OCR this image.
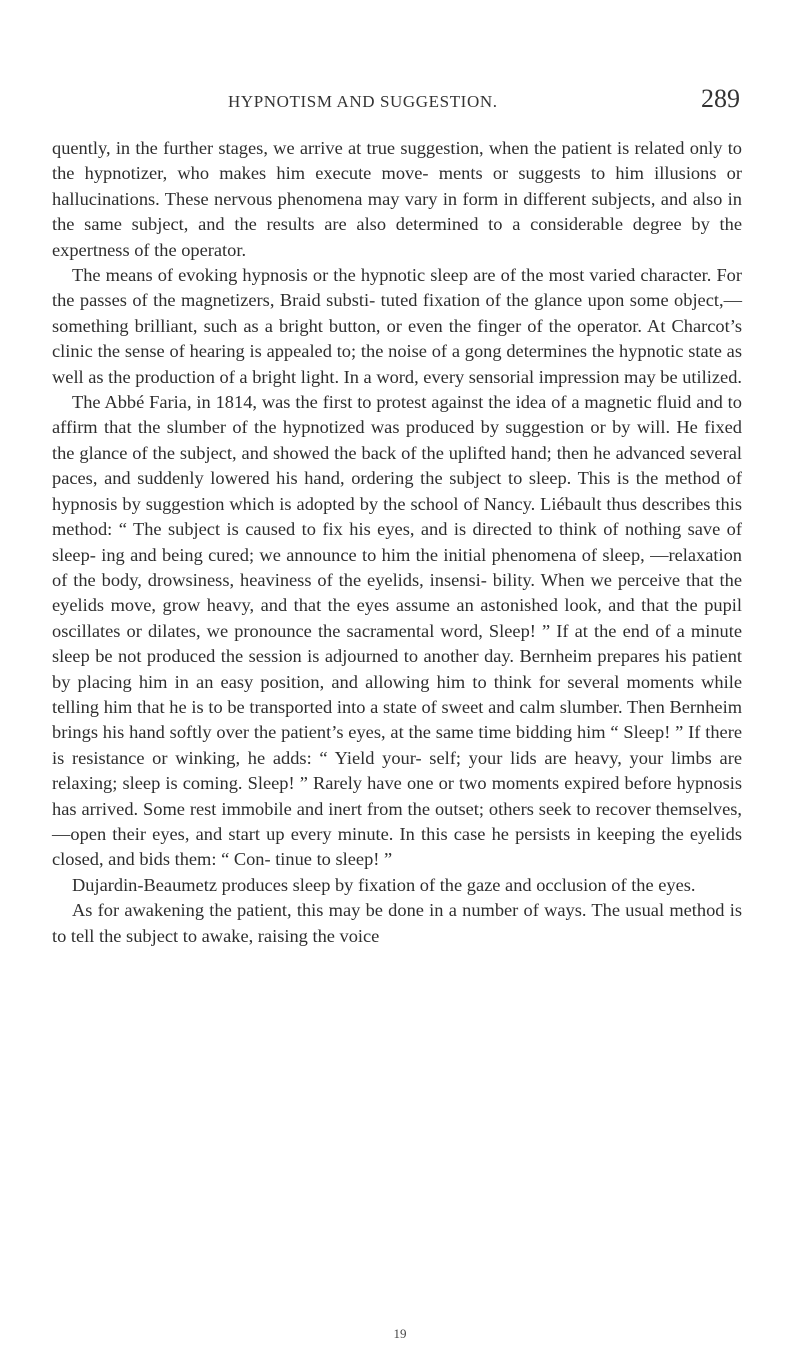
HYPNOTISM AND SUGGESTION.	289

quently, in the further stages, we arrive at true suggestion, when the patient is related only to the hypnotizer, who makes him execute move- ments or suggests to him illusions or hallucinations. These nervous phenomena may vary in form in different subjects, and also in the same subject, and the results are also determined to a considerable degree by the expertness of the operator.

The means of evoking hypnosis or the hypnotic sleep are of the most varied character. For the passes of the magnetizers, Braid substi- tuted fixation of the glance upon some object,—something brilliant, such as a bright button, or even the finger of the operator. At Charcot’s clinic the sense of hearing is appealed to; the noise of a gong determines the hypnotic state as well as the production of a bright light. In a word, every sensorial impression may be utilized.

The Abbé Faria, in 1814, was the first to protest against the idea of a magnetic fluid and to affirm that the slumber of the hypnotized was produced by suggestion or by will. He fixed the glance of the subject, and showed the back of the uplifted hand; then he advanced several paces, and suddenly lowered his hand, ordering the subject to sleep. This is the method of hypnosis by suggestion which is adopted by the school of Nancy. Liébault thus describes this method: “ The subject is caused to fix his eyes, and is directed to think of nothing save of sleep- ing and being cured; we announce to him the initial phenomena of sleep, —relaxation of the body, drowsiness, heaviness of the eyelids, insensi- bility. When we perceive that the eyelids move, grow heavy, and that the eyes assume an astonished look, and that the pupil oscillates or dilates, we pronounce the sacramental word, Sleep! ” If at the end of a minute sleep be not produced the session is adjourned to another day. Bernheim prepares his patient by placing him in an easy position, and allowing him to think for several moments while telling him that he is to be transported into a state of sweet and calm slumber. Then Bernheim brings his hand softly over the patient’s eyes, at the same time bidding him “ Sleep! ” If there is resistance or winking, he adds: “ Yield your- self; your lids are heavy, your limbs are relaxing; sleep is coming. Sleep! ” Rarely have one or two moments expired before hypnosis has arrived. Some rest immobile and inert from the outset; others seek to recover themselves,—open their eyes, and start up every minute. In this case he persists in keeping the eyelids closed, and bids them: “ Con- tinue to sleep! ”

Dujardin-Beaumetz produces sleep by fixation of the gaze and occlusion of the eyes.

As for awakening the patient, this may be done in a number of ways. The usual method is to tell the subject to awake, raising the voice

19
